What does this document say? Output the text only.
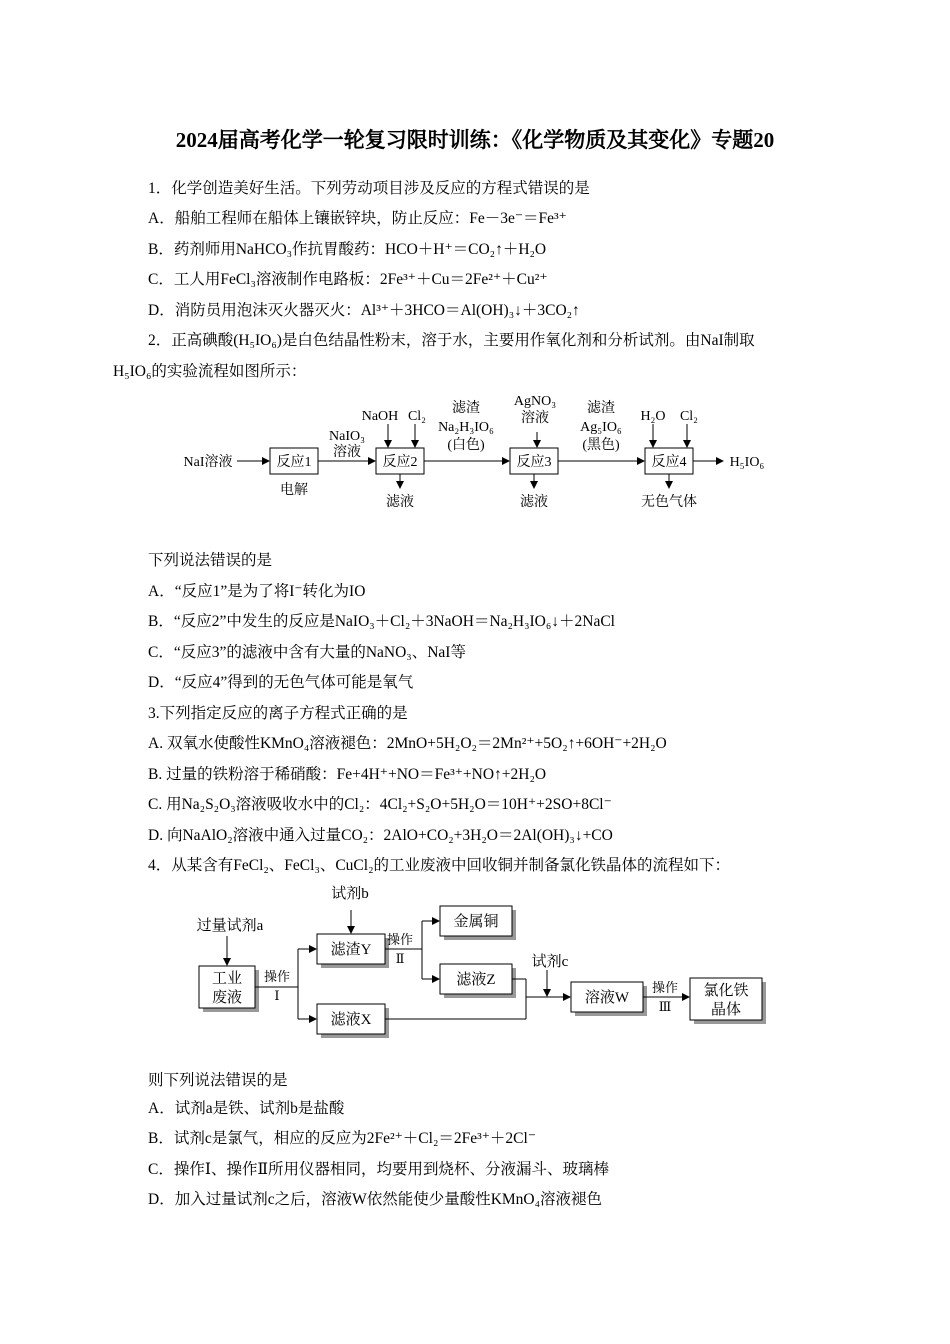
2024届高考化学一轮复习限时训练：《化学物质及其变化》专题20
1．化学创造美好生活。下列劳动项目涉及反应的方程式错误的是
A．船舶工程师在船体上镶嵌锌块，防止反应：Fe－3e⁻＝Fe³⁺
B．药剂师用NaHCO₃作抗胃酸药：HCO＋H⁺＝CO₂↑＋H₂O
C．工人用FeCl₃溶液制作电路板：2Fe³⁺＋Cu＝2Fe²⁺＋Cu²⁺
D．消防员用泡沫灭火器灭火：Al³⁺＋3HCO＝Al(OH)₃↓＋3CO₂↑
2．正高碘酸(H₅IO₆)是白色结晶性粉末，溶于水，主要用作氧化剂和分析试剂。由NaI制取
H₅IO₆的实验流程如图所示：
NaI溶液	反应1
电解
NaIO₃
溶液
NaOH Cl₂
反应2
滤液
滤渣
Na₂H₃IO₆
(白色)
AgNO₃
溶液
反应3
滤液
滤渣
Ag₅IO₆
(黑色)
H₂O Cl₂
反应4
无色气体
H₅IO₆
下列说法错误的是
A．“反应1”是为了将I⁻转化为IO
B．“反应2”中发生的反应是NaIO₃＋Cl₂＋3NaOH＝Na₂H₃IO₆↓＋2NaCl
C．“反应3”的滤液中含有大量的NaNO₃、NaI等
D．“反应4”得到的无色气体可能是氧气
3.下列指定反应的离子方程式正确的是
A. 双氧水使酸性KMnO₄溶液褪色：2MnO+5H₂O₂＝2Mn²⁺+5O₂↑+6OH⁻+2H₂O
B. 过量的铁粉溶于稀硝酸：Fe+4H⁺+NO＝Fe³⁺+NO↑+2H₂O
C. 用Na₂S₂O₃溶液吸收水中的Cl₂：4Cl₂+S₂O+5H₂O＝10H⁺+2SO+8Cl⁻
D. 向NaAlO₂溶液中通入过量CO₂：2AlO+CO₂+3H₂O＝2Al(OH)₃↓+CO
4．从某含有FeCl₂、FeCl₃、CuCl₂的工业废液中回收铜并制备氯化铁晶体的流程如下：
过量试剂a
试剂b
试剂c
工业
废液
滤渣Y
滤液X
金属铜
滤液Z
溶液W	氯化铁
晶体
操作
Ⅰ
操作
Ⅱ
操作
Ⅲ
则下列说法错误的是
A．试剂a是铁、试剂b是盐酸
B．试剂c是氯气，相应的反应为2Fe²⁺＋Cl₂＝2Fe³⁺＋2Cl⁻
C．操作Ⅰ、操作Ⅱ所用仪器相同，均要用到烧杯、分液漏斗、玻璃棒
D．加入过量试剂c之后，溶液W依然能使少量酸性KMnO₄溶液褪色
